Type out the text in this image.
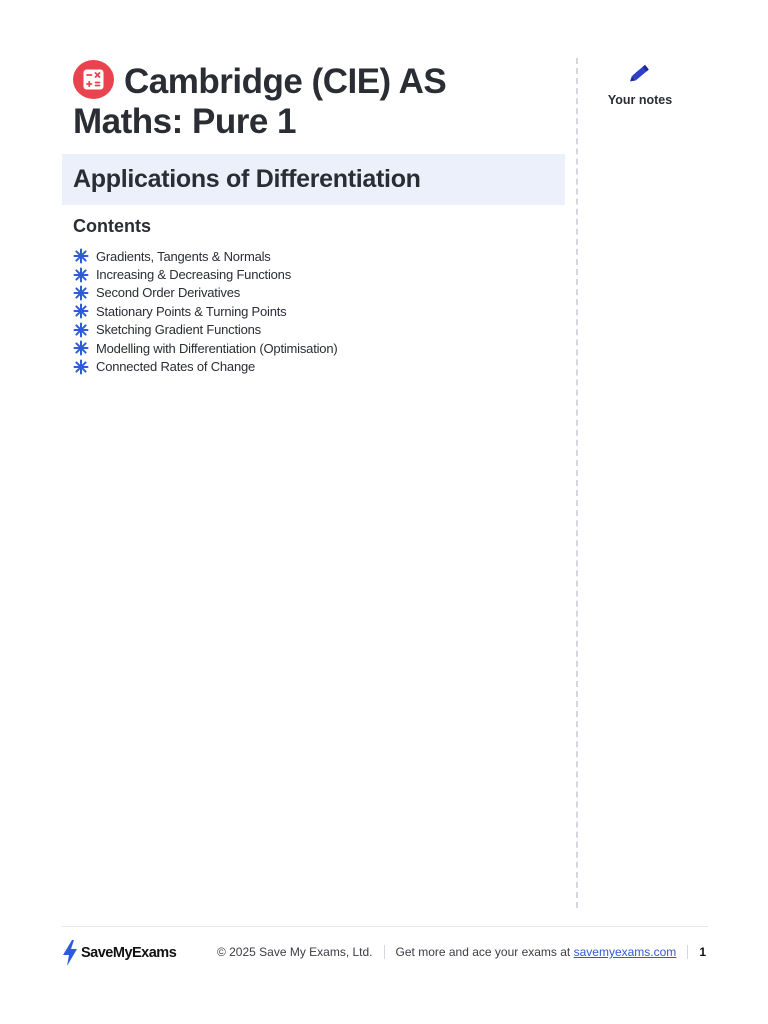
Cambridge (CIE) AS
Maths: Pure 1
Applications of Differentiation
Contents
Gradients, Tangents & Normals
Increasing & Decreasing Functions
Second Order Derivatives
Stationary Points & Turning Points
Sketching Gradient Functions
Modelling with Differentiation (Optimisation)
Connected Rates of Change
Your notes
SaveMyExams	© 2025 Save My Exams, Ltd. Get more and ace your exams at
savemyexams.com 1
